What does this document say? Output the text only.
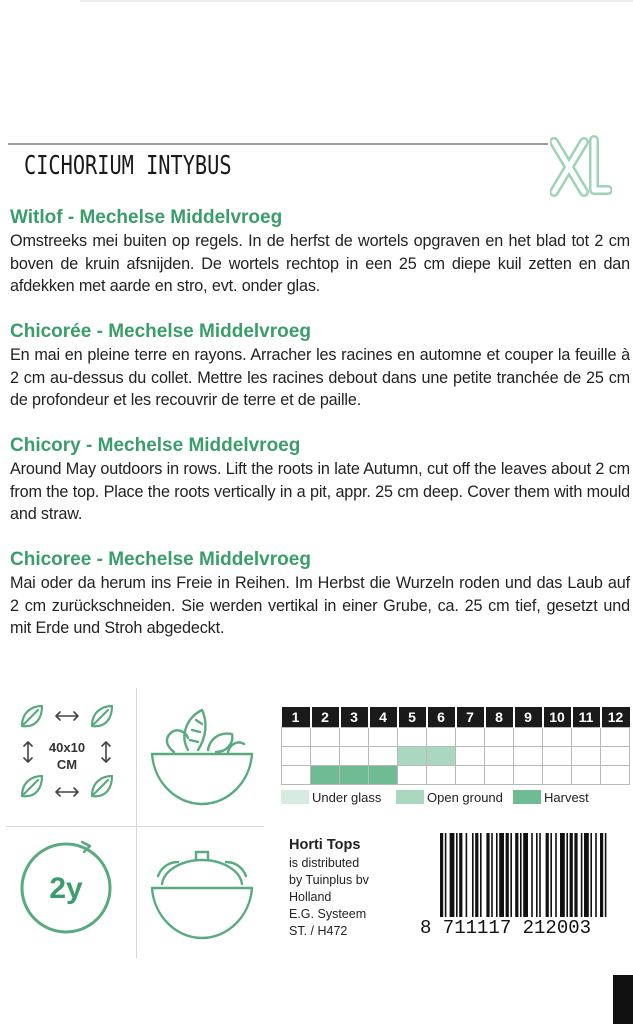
CICHORIUM INTYBUS
XL
Witlof - Mechelse Middelvroeg

Omstreeks mei buiten op regels. In de herfst de wortels opgraven en het blad tot 2 cm boven de kruin afsnijden. De wortels rechtop in een 25 cm diepe kuil zetten en dan afdekken met aarde en stro, evt. onder glas.

Chicorée - Mechelse Middelvroeg

En mai en pleine terre en rayons. Arracher les racines en automne et couper la feuille à 2 cm au-dessus du collet. Mettre les racines debout dans une petite tranchée de 25 cm de profondeur et les recouvrir de terre et de paille.

Chicory - Mechelse Middelvroeg

Around May outdoors in rows. Lift the roots in late Autumn, cut off the leaves about 2 cm from the top. Place the roots vertically in a pit, appr. 25 cm deep. Cover them with mould and straw.

Chicoree - Mechelse Middelvroeg

Mai oder da herum ins Freie in Reihen. Im Herbst die Wurzeln roden und das Laub auf 2 cm zurückschneiden. Sie werden vertikal in einer Grube, ca. 25 cm tief, gesetzt und mit Erde und Stroh abgedeckt.

40x10
CM
2y
1	2	3	4	5	6	7	8	9	10	11	12

Under glass	Open ground	Harvest
Horti Tops
is distributed
by Tuinplus bv
Holland
E.G. Systeem
ST. / H472	8 711117 212003
